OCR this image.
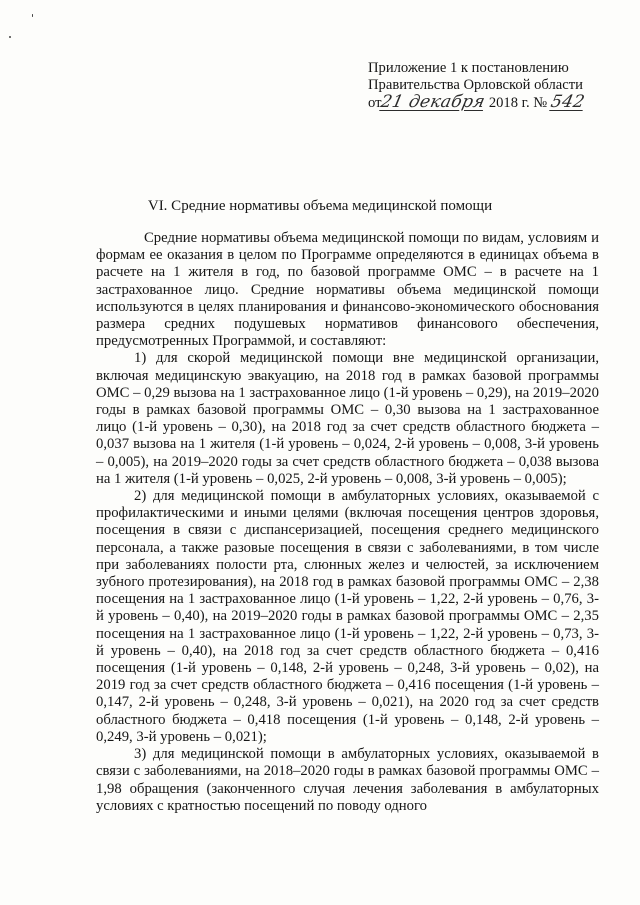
Приложение 1 к постановлению
Правительства Орловской области
от21 декабря 2018 г. № 542
VI. Средние нормативы объема медицинской помощи

Средние нормативы объема медицинской помощи по видам, условиям и формам ее оказания в целом по Программе определяются в единицах объема в расчете на 1 жителя в год, по базовой программе ОМС – в расчете на 1 застрахованное лицо. Средние нормативы объема медицинской помощи используются в целях планирования и финансово-экономического обоснования размера средних подушевых нормативов финансового обеспечения, предусмотренных Программой, и составляют:

1) для скорой медицинской помощи вне медицинской организации, включая медицинскую эвакуацию, на 2018 год в рамках базовой программы ОМС – 0,29 вызова на 1 застрахованное лицо (1-й уровень – 0,29), на 2019–2020 годы в рамках базовой программы ОМС – 0,30 вызова на 1 застрахованное лицо (1-й уровень – 0,30), на 2018 год за счет средств областного бюджета – 0,037 вызова на 1 жителя (1-й уровень – 0,024, 2-й уровень – 0,008, 3-й уровень – 0,005), на 2019–2020 годы за счет средств областного бюджета – 0,038 вызова на 1 жителя (1-й уровень – 0,025, 2-й уровень – 0,008, 3-й уровень – 0,005);

2) для медицинской помощи в амбулаторных условиях, оказываемой с профилактическими и иными целями (включая посещения центров здоровья, посещения в связи с диспансеризацией, посещения среднего медицинского персонала, а также разовые посещения в связи с заболеваниями, в том числе при заболеваниях полости рта, слюнных желез и челюстей, за исключением зубного протезирования), на 2018 год в рамках базовой программы ОМС – 2,38 посещения на 1 застрахованное лицо (1-й уровень – 1,22, 2-й уровень – 0,76, 3-й уровень – 0,40), на 2019–2020 годы в рамках базовой программы ОМС – 2,35 посещения на 1 застрахованное лицо (1-й уровень – 1,22, 2-й уровень – 0,73, 3-й уровень – 0,40), на 2018 год за счет средств областного бюджета – 0,416 посещения (1-й уровень – 0,148, 2-й уровень – 0,248, 3-й уровень – 0,02), на 2019 год за счет средств областного бюджета – 0,416 посещения (1-й уровень – 0,147, 2-й уровень – 0,248, 3-й уровень – 0,021), на 2020 год за счет средств областного бюджета – 0,418 посещения (1-й уровень – 0,148, 2-й уровень – 0,249, 3-й уровень – 0,021);

3) для медицинской помощи в амбулаторных условиях, оказываемой в связи с заболеваниями, на 2018–2020 годы в рамках базовой программы ОМС – 1,98 обращения (законченного случая лечения заболевания в амбулаторных условиях с кратностью посещений по поводу одного
